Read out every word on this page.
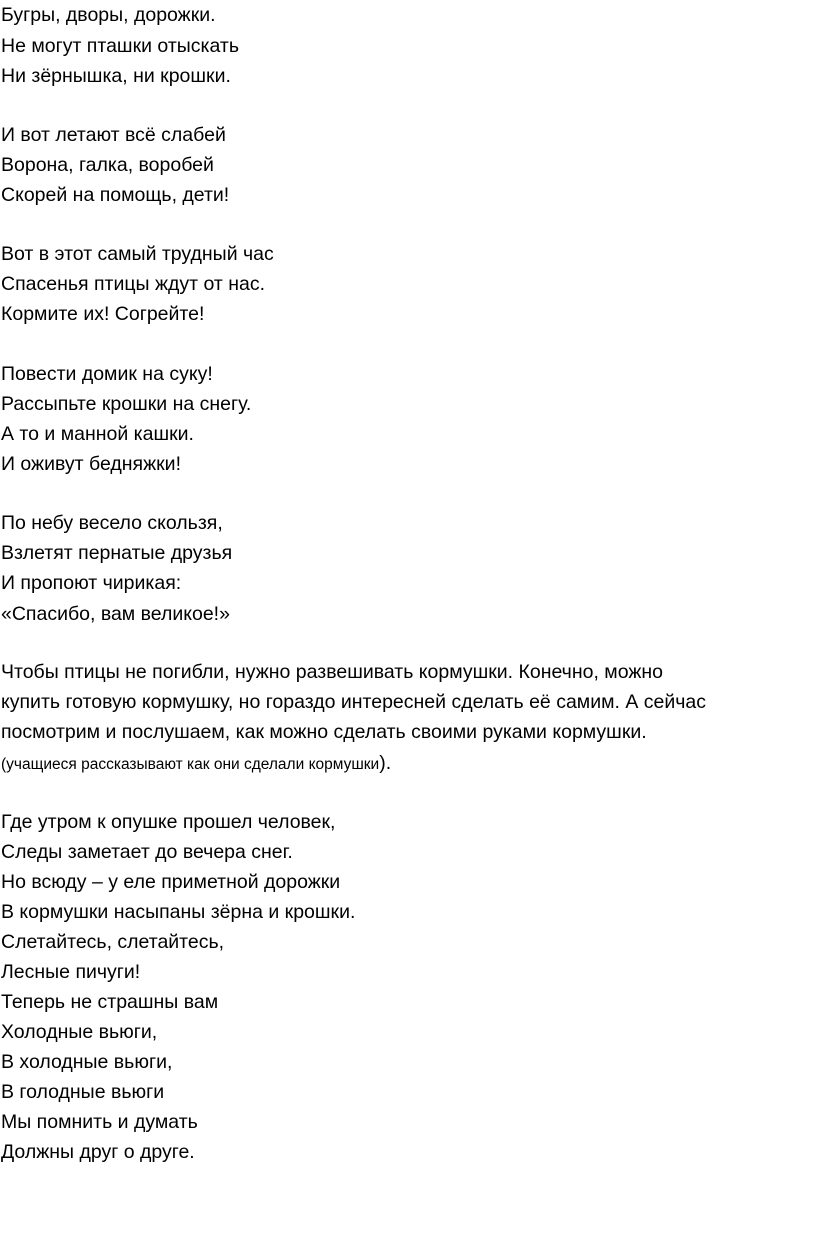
Бугры, дворы, дорожки.
Не могут пташки отыскать
Ни зёрнышка, ни крошки.
И вот летают всё слабей
Ворона, галка, воробей
Скорей на помощь, дети!
Вот в этот самый трудный час
Спасенья птицы ждут от нас.
Кормите их! Согрейте!
Повести домик на суку!
Рассыпьте крошки на снегу.
А то и манной кашки.
И оживут бедняжки!
По небу весело скользя,
Взлетят пернатые друзья
И пропоют чирикая:
«Спасибо, вам великое!»
Чтобы птицы не погибли, нужно развешивать кормушки. Конечно, можно
купить готовую кормушку, но гораздо интересней сделать её самим. А сейчас
посмотрим и послушаем, как можно сделать своими руками кормушки.
(учащиеся рассказывают как они сделали кормушки).
Где утром к опушке прошел человек,
Следы заметает до вечера снег.
Но всюду – у еле приметной дорожки
В кормушки насыпаны зёрна и крошки.
Слетайтесь, слетайтесь,
Лесные пичуги!
Теперь не страшны вам
Холодные вьюги,
В холодные вьюги,
В голодные вьюги
Мы помнить и думать
Должны друг о друге.
